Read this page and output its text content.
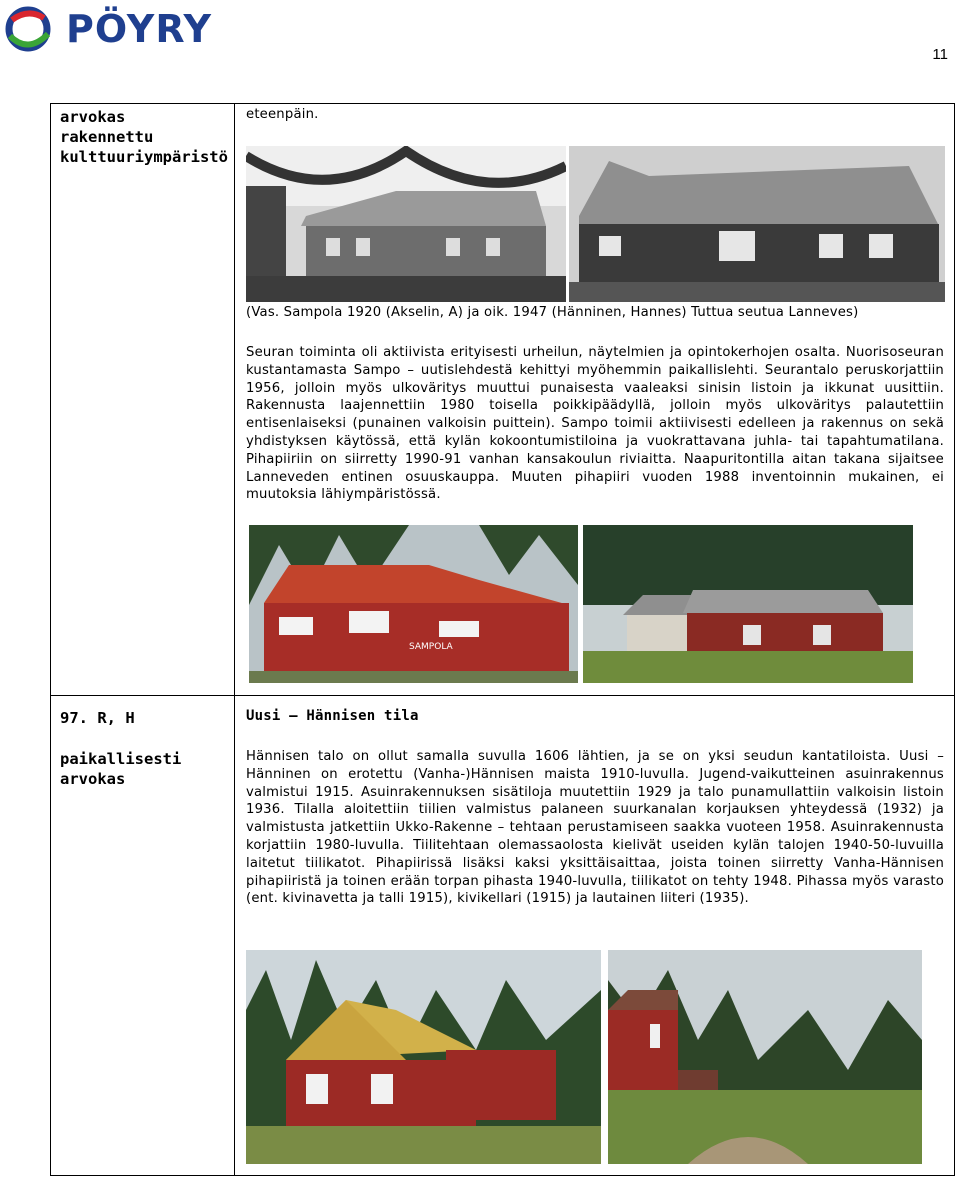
PÖYRY
11
arvokas rakennettu kulttuuriympäristö
eteenpäin.
(Vas. Sampola 1920 (Akselin, A) ja oik. 1947 (Hänninen, Hannes) Tuttua seutua Lanneves)
Seuran toiminta oli aktiivista erityisesti urheilun, näytelmien ja opintokerhojen osalta. Nuorisoseuran kustantamasta Sampo – uutislehdestä kehittyi myöhemmin paikallislehti. Seurantalo peruskorjattiin 1956, jolloin myös ulkoväritys muuttui punaisesta vaaleaksi sinisin listoin ja ikkunat uusittiin. Rakennusta laajennettiin 1980 toisella poikkipäädyllä, jolloin myös ulkoväritys palautettiin entisenlaiseksi (punainen valkoisin puittein). Sampo toimii aktiivisesti edelleen ja rakennus on sekä yhdistyksen käytössä, että kylän kokoontumistiloina ja vuokrattavana juhla- tai tapahtumatilana. Pihapiiriin on siirretty 1990-91 vanhan kansakoulun riviaitta. Naapuritontilla aitan takana sijaitsee Lanneveden entinen osuuskauppa. Muuten pihapiiri vuoden 1988 inventoinnin mukainen, ei muutoksia lähiympäristössä.
SAMPOLA
97. R, H
paikallisesti arvokas
Uusi – Hännisen tila
Hännisen talo on ollut samalla suvulla 1606 lähtien, ja se on yksi seudun kantatiloista. Uusi – Hänninen on erotettu (Vanha-)Hännisen maista 1910-luvulla. Jugend-vaikutteinen asuinrakennus valmistui 1915. Asuinrakennuksen sisätiloja muutettiin 1929 ja talo punamullattiin valkoisin listoin 1936. Tilalla aloitettiin tiilien valmistus palaneen suurkanalan korjauksen yhteydessä (1932) ja valmistusta jatkettiin Ukko-Rakenne – tehtaan perustamiseen saakka vuoteen 1958. Asuinrakennusta korjattiin 1980-luvulla. Tiilitehtaan olemassaolosta kielivät useiden kylän talojen 1940-50-luvuilla laitetut tiilikatot. Pihapiirissä lisäksi kaksi yksittäisaittaa, joista toinen siirretty Vanha-Hännisen pihapiiristä ja toinen erään torpan pihasta 1940-luvulla, tiilikatot on tehty 1948. Pihassa myös varasto (ent. kivinavetta ja talli 1915), kivikellari (1915) ja lautainen liiteri (1935).
